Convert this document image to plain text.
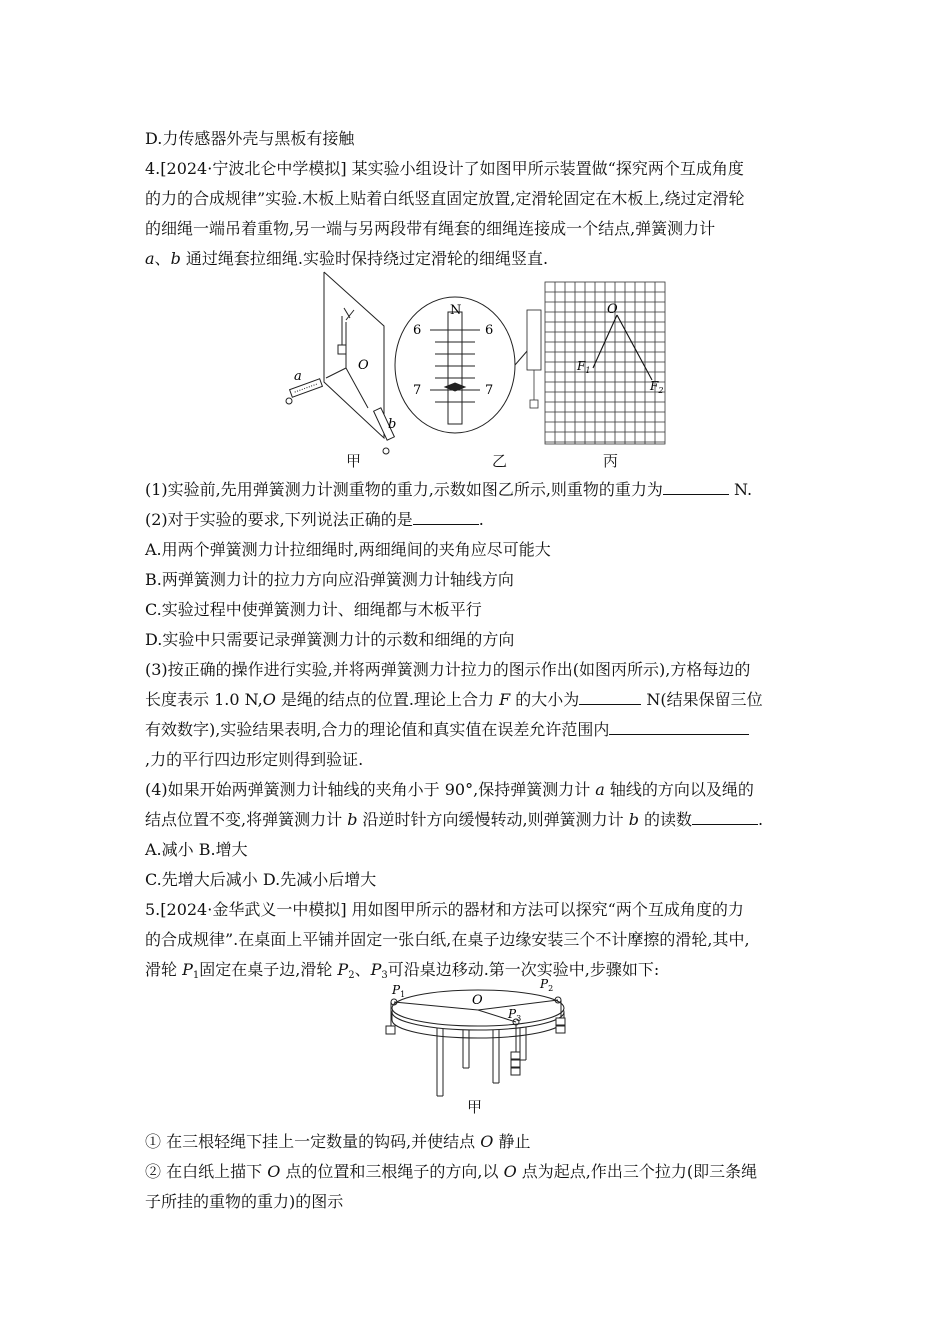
D.力传感器外壳与黑板有接触
4.[2024·宁波北仑中学模拟] 某实验小组设计了如图甲所示装置做“探究两个互成角度
的力的合成规律”实验.木板上贴着白纸竖直固定放置,定滑轮固定在木板上,绕过定滑轮
的细绳一端吊着重物,另一端与另两段带有绳套的细绳连接成一个结点,弹簧测力计
a、b 通过绳套拉细绳.实验时保持绕过定滑轮的细绳竖直.
O
a
b
N
6	6
7	7
O
$F_1$
$F_2$
甲	乙	丙
(1)实验前,先用弹簧测力计测重物的重力,示数如图乙所示,则重物的重力为	N.
(2)对于实验的要求,下列说法正确的是	.
A.用两个弹簧测力计拉细绳时,两细绳间的夹角应尽可能大
B.两弹簧测力计的拉力方向应沿弹簧测力计轴线方向
C.实验过程中使弹簧测力计、细绳都与木板平行
D.实验中只需要记录弹簧测力计的示数和细绳的方向
(3)按正确的操作进行实验,并将两弹簧测力计拉力的图示作出(如图丙所示),方格每边的
长度表示 1.0 N,O 是绳的结点的位置.理论上合力 F 的大小为	N(结果保留三位
有效数字),实验结果表明,合力的理论值和真实值在误差允许范围内
,力的平行四边形定则得到验证.
(4)如果开始两弹簧测力计轴线的夹角小于 90°,保持弹簧测力计 a 轴线的方向以及绳的
结点位置不变,将弹簧测力计 b 沿逆时针方向缓慢转动,则弹簧测力计 b 的读数	.
A.减小 B.增大
C.先增大后减小 D.先减小后增大
5.[2024·金华武义一中模拟] 用如图甲所示的器材和方法可以探究“两个互成角度的力
的合成规律”.在桌面上平铺并固定一张白纸,在桌子边缘安装三个不计摩擦的滑轮,其中,
滑轮 $P_1$固定在桌子边,滑轮 $P_2$、$P_3$可沿桌边移动.第一次实验中,步骤如下:
$P_1$
$P_2$
$P_3$
O
甲
① 在三根轻绳下挂上一定数量的钩码,并使结点 O 静止
② 在白纸上描下 O 点的位置和三根绳子的方向,以 O 点为起点,作出三个拉力(即三条绳
子所挂的重物的重力)的图示
